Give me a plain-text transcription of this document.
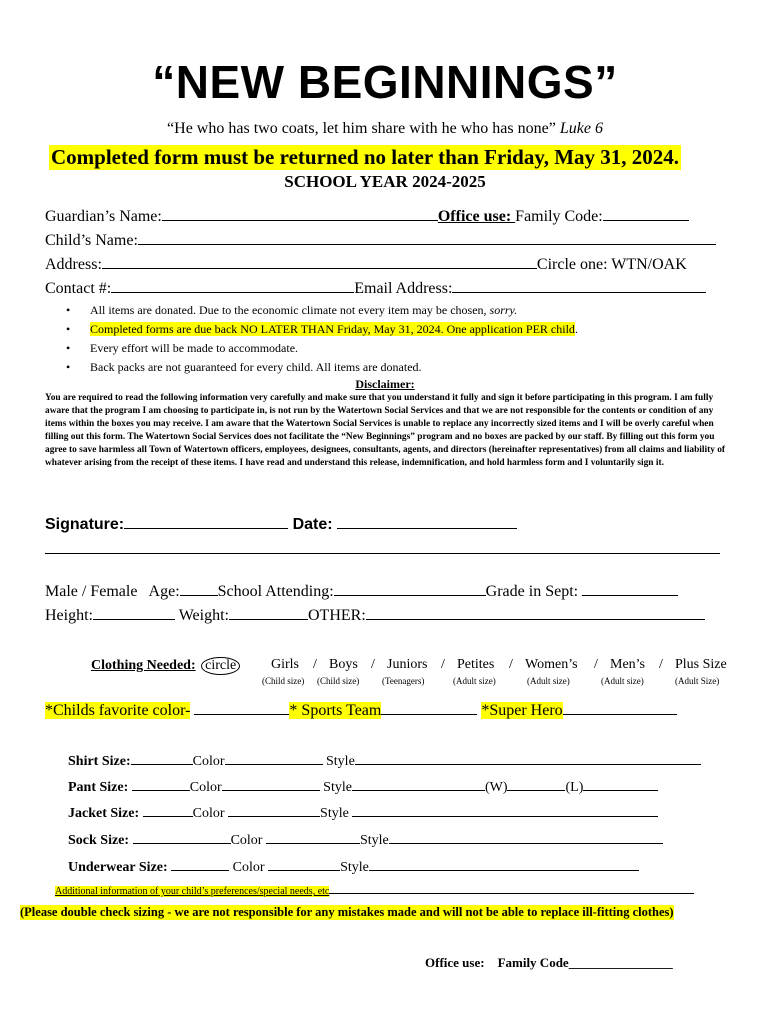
“NEW BEGINNINGS”
“He who has two coats, let him share with he who has none” Luke 6
Completed form must be returned no later than Friday, May 31, 2024.
SCHOOL YEAR 2024-2025
Guardian’s Name:	Office use: Family Code:
Child’s Name:
Address:	Circle one: WTN/OAK
Contact #:	Email Address:
• All items are donated. Due to the economic climate not every item may be chosen, sorry.
• Completed forms are due back NO LATER THAN Friday, May 31, 2024. One application PER child.
• Every effort will be made to accommodate.
• Back packs are not guaranteed for every child. All items are donated.
Disclaimer:
You are required to read the following information very carefully and make sure that you understand it fully and sign it before participating in this program. I am fully aware that the program I am choosing to participate in, is not run by the Watertown Social Services and that we are not responsible for the contents or condition of any items within the boxes you may receive. I am aware that the Watertown Social Services is unable to replace any incorrectly sized items and I will be overly careful when filling out this form. The Watertown Social Services does not facilitate the “New Beginnings” program and no boxes are packed by our staff. By filling out this form you agree to save harmless all Town of Watertown officers, employees, designees, consultants, agents, and directors (hereinafter representatives) from all claims and liability of whatever arising from the receipt of these items. I have read and understand this release, indemnification, and hold harmless form and I voluntarily sign it.
Signature:	Date:
Male / Female Age: School Attending:	Grade in Sept:
Height:	Weight:	OTHER:
Clothing Needed: circle Girls / Boys / Juniors / Petites / Women’s / Men’s / Plus Size
(Child size) (Child size)	(Teenagers)	(Adult size)	(Adult size)	(Adult size)	(Adult Size)
*Childs favorite color-	* Sports Team	*Super Hero
Shirt Size:	Color	Style
Pant Size:	Color	Style	(W)	(L)
Jacket Size:	Color	Style
Sock Size:	Color	Style
Underwear Size:	Color	Style
Additional information of your child’s preferences/special needs, etc
(Please double check sizing - we are not responsible for any mistakes made and will not be able to replace ill-fitting clothes)
Office use: Family Code________________
